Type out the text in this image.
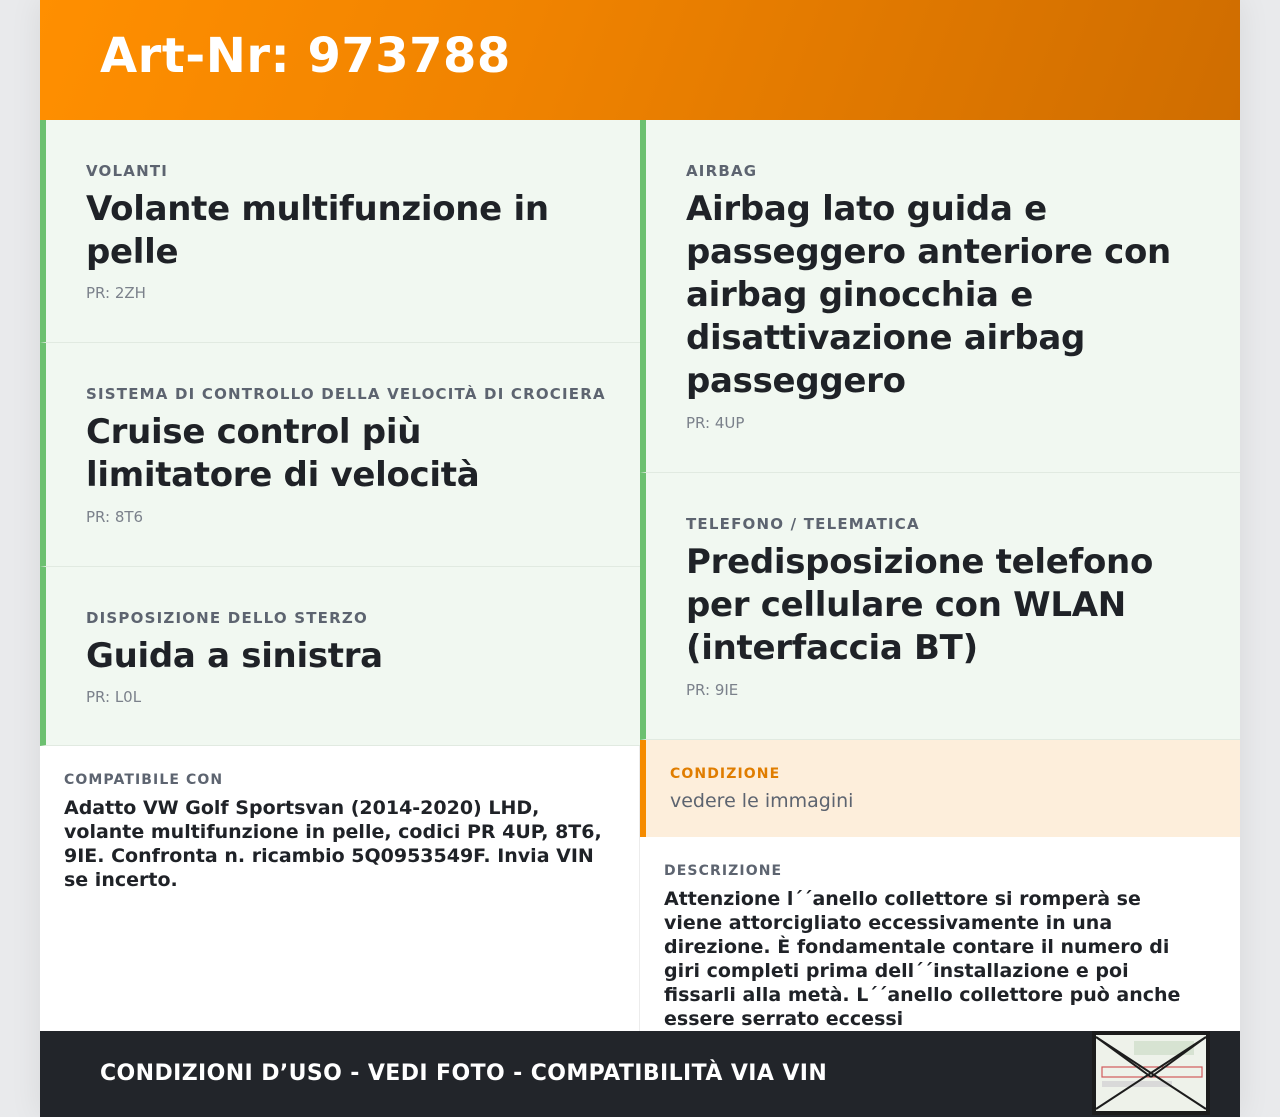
Art-Nr: 973788
VOLANTI
Volante multifunzione in pelle
PR: 2ZH
SISTEMA DI CONTROLLO DELLA VELOCITÀ DI CROCIERA
Cruise control più limitatore di velocità
PR: 8T6
DISPOSIZIONE DELLO STERZO
Guida a sinistra
PR: L0L
AIRBAG
Airbag lato guida e passeggero anteriore con airbag ginocchia e disattivazione airbag passeggero
PR: 4UP
TELEFONO / TELEMATICA
Predisposizione telefono per cellulare con WLAN (interfaccia BT)
PR: 9IE
COMPATIBILE CON
Adatto VW Golf Sportsvan (2014-2020) LHD, volante multifunzione in pelle, codici PR 4UP, 8T6, 9IE. Confronta n. ricambio 5Q0953549F. Invia VIN se incerto.
CONDIZIONE
vedere le immagini
DESCRIZIONE
Attenzione l´´anello collettore si romperà se viene attorcigliato eccessivamente in una direzione. È fondamentale contare il numero di giri completi prima dell´´installazione e poi fissarli alla metà. L´´anello collettore può anche essere serrato eccessi
CONDIZIONI D’USO - VEDI FOTO - COMPATIBILITÀ VIA VIN
